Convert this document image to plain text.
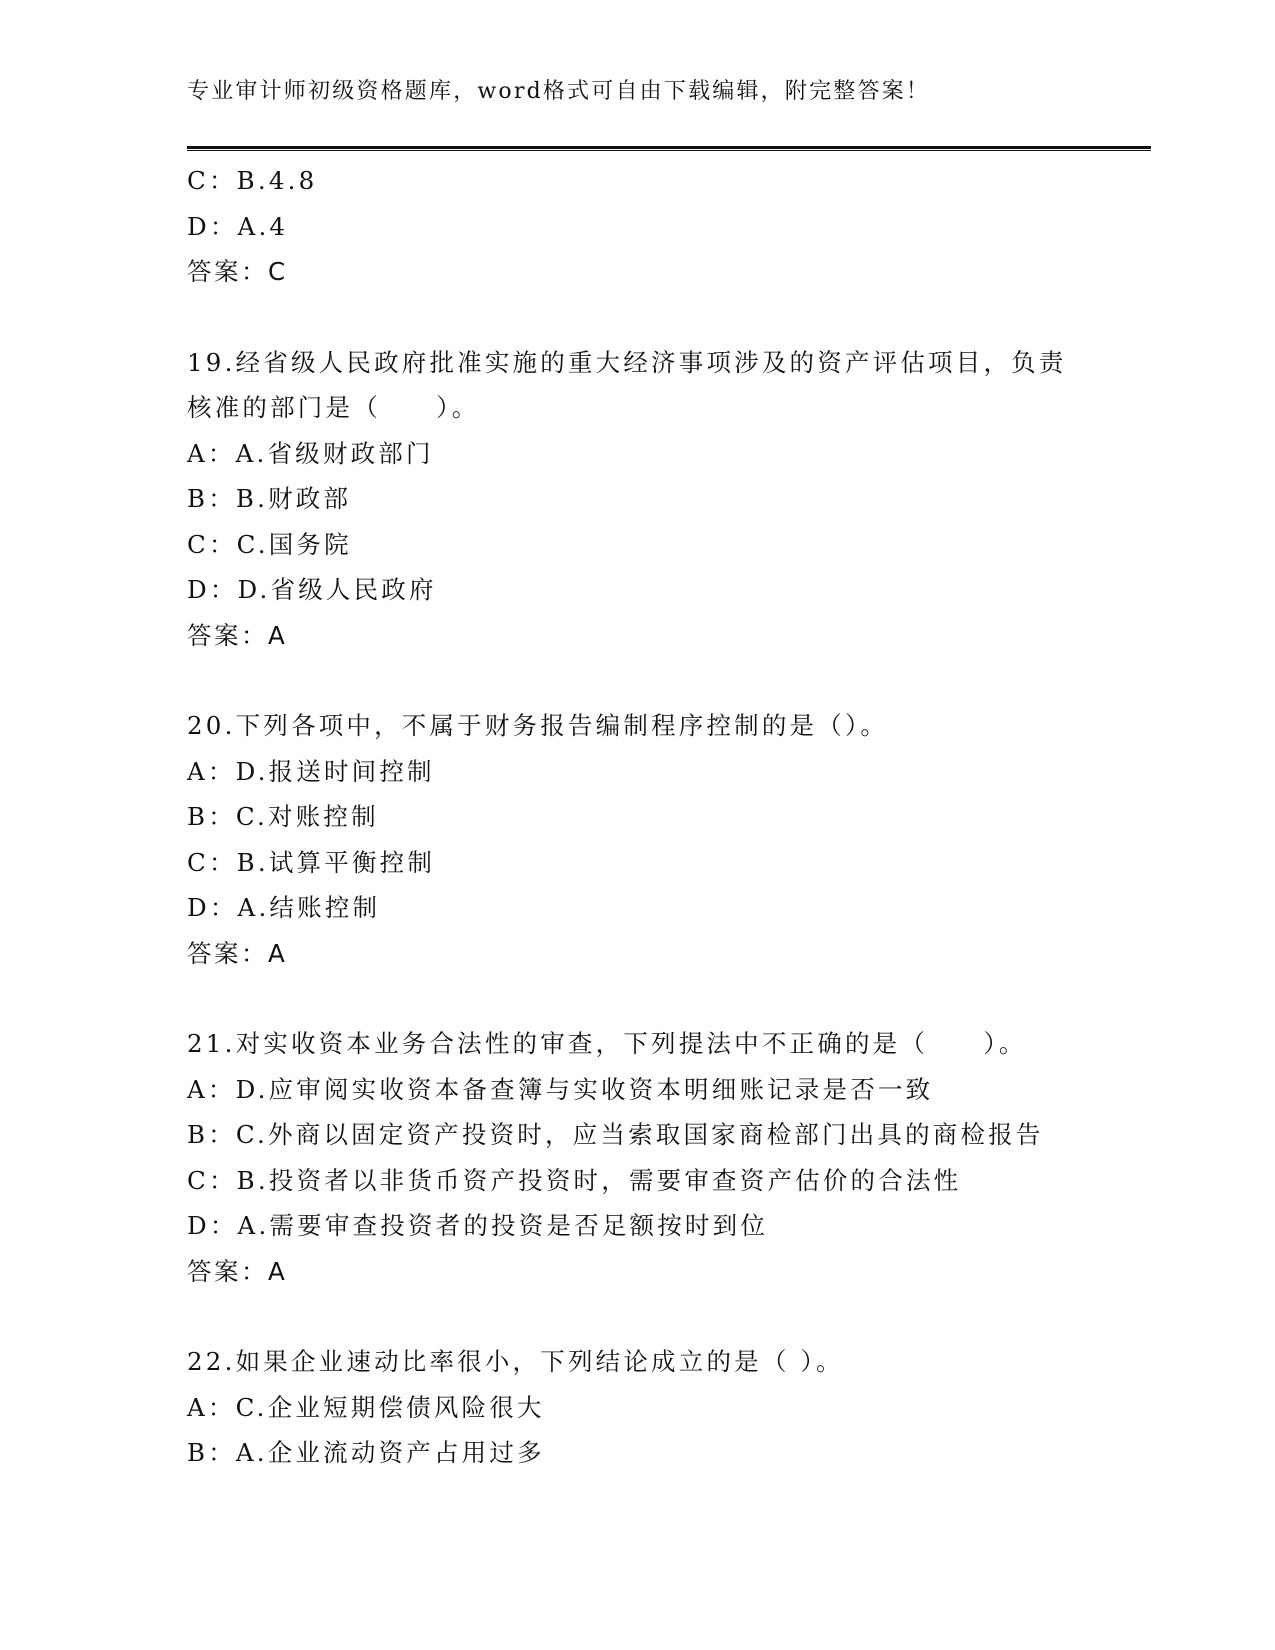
专业审计师初级资格题库，word格式可自由下载编辑，附完整答案！
C：B.4.8
D：A.4
答案：C
19.经省级人民政府批准实施的重大经济事项涉及的资产评估项目，负责核准的部门是（　　）。
A：A.省级财政部门
B：B.财政部
C：C.国务院
D：D.省级人民政府
答案：A
20.下列各项中，不属于财务报告编制程序控制的是（）。
A：D.报送时间控制
B：C.对账控制
C：B.试算平衡控制
D：A.结账控制
答案：A
21.对实收资本业务合法性的审查，下列提法中不正确的是（　　）。
A：D.应审阅实收资本备查簿与实收资本明细账记录是否一致
B：C.外商以固定资产投资时，应当索取国家商检部门出具的商检报告
C：B.投资者以非货币资产投资时，需要审查资产估价的合法性
D：A.需要审查投资者的投资是否足额按时到位
答案：A
22.如果企业速动比率很小，下列结论成立的是（ ）。
A：C.企业短期偿债风险很大
B：A.企业流动资产占用过多
